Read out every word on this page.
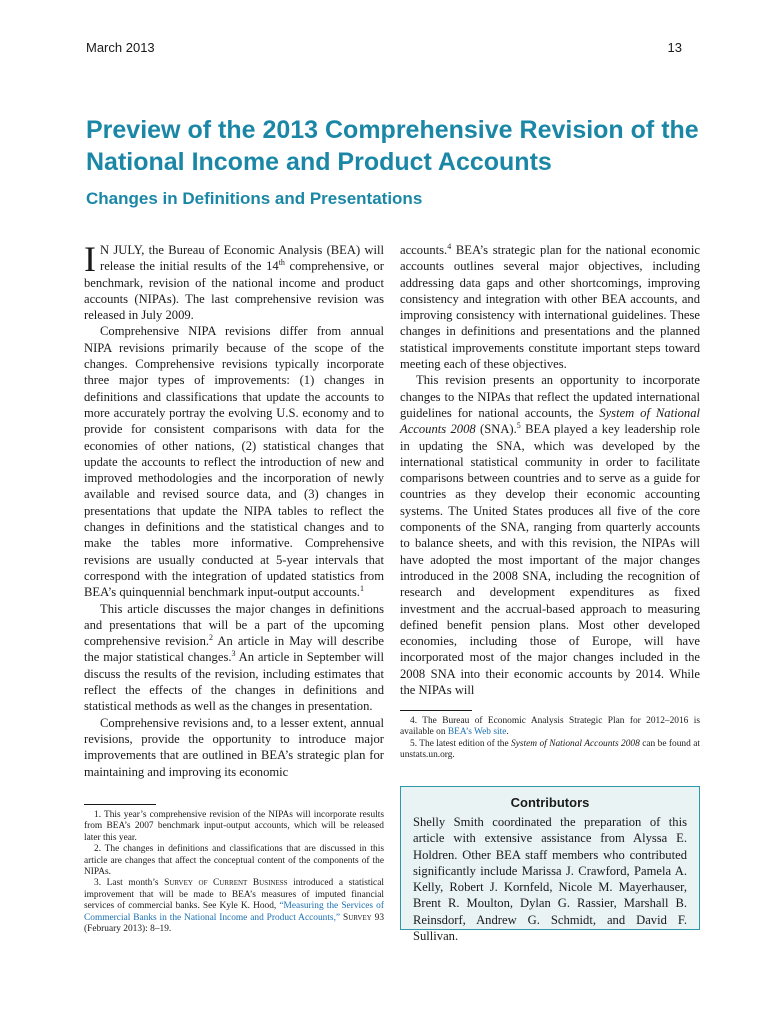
March 2013	13
Preview of the 2013 Comprehensive Revision of the National Income and Product Accounts
Changes in Definitions and Presentations

I N JULY, the Bureau of Economic Analysis (BEA) will release the initial results of the 14th comprehensive, or benchmark, revision of the national income and product accounts (NIPAs). The last comprehensive revision was released in July 2009.

Comprehensive NIPA revisions differ from annual NIPA revisions primarily because of the scope of the changes. Comprehensive revisions typically incorporate three major types of improvements: (1) changes in definitions and classifications that update the accounts to more accurately portray the evolving U.S. economy and to provide for consistent comparisons with data for the economies of other nations, (2) statistical changes that update the accounts to reflect the introduction of new and improved methodologies and the incorporation of newly available and revised source data, and (3) changes in presentations that update the NIPA tables to reflect the changes in definitions and the statistical changes and to make the tables more informative. Comprehensive revisions are usually conducted at 5-year intervals that correspond with the integration of updated statistics from BEA’s quinquennial benchmark input-output accounts.$^1$

This article discusses the major changes in definitions and presentations that will be a part of the upcoming comprehensive revision.$^2$ An article in May will describe the major statistical changes.$^3$ An article in September will discuss the results of the revision, including estimates that reflect the effects of the changes in definitions and statistical methods as well as the changes in presentation.

Comprehensive revisions and, to a lesser extent, annual revisions, provide the opportunity to introduce major improvements that are outlined in BEA’s strategic plan for maintaining and improving its economic

accounts.$^4$ BEA’s strategic plan for the national economic accounts outlines several major objectives, including addressing data gaps and other shortcomings, improving consistency and integration with other BEA accounts, and improving consistency with international guidelines. These changes in definitions and presentations and the planned statistical improvements constitute important steps toward meeting each of these objectives.

This revision presents an opportunity to incorporate changes to the NIPAs that reflect the updated international guidelines for national accounts, the System of National Accounts 2008 (SNA).$^5$ BEA played a key leadership role in updating the SNA, which was developed by the international statistical community in order to facilitate comparisons between countries and to serve as a guide for countries as they develop their economic accounting systems. The United States produces all five of the core components of the SNA, ranging from quarterly accounts to balance sheets, and with this revision, the NIPAs will have adopted the most important of the major changes introduced in the 2008 SNA, including the recognition of research and development expenditures as fixed investment and the accrual-based approach to measuring defined benefit pension plans. Most other developed economies, including those of Europe, will have incorporated most of the major changes included in the 2008 SNA into their economic accounts by 2014. While the NIPAs will

1. This year’s comprehensive revision of the NIPAs will incorporate results from BEA’s 2007 benchmark input-output accounts, which will be released later this year.

2. The changes in definitions and classifications that are discussed in this article are changes that affect the conceptual content of the components of the NIPAs.

3. Last month’s Survey of Current Business introduced a statistical improvement that will be made to BEA’s measures of imputed financial services of commercial banks. See Kyle K. Hood, “Measuring the Services of Commercial Banks in the National Income and Product Accounts,” Survey 93 (February 2013): 8–19.

4. The Bureau of Economic Analysis Strategic Plan for 2012–2016 is available on BEA’s Web site.

5. The latest edition of the System of National Accounts 2008 can be found at unstats.un.org.

Contributors

Shelly Smith coordinated the preparation of this article with extensive assistance from Alyssa E. Holdren. Other BEA staff members who contributed significantly include Marissa J. Crawford, Pamela A. Kelly, Robert J. Kornfeld, Nicole M. Mayerhauser, Brent R. Moulton, Dylan G. Rassier, Marshall B. Reinsdorf, Andrew G. Schmidt, and David F. Sullivan.
